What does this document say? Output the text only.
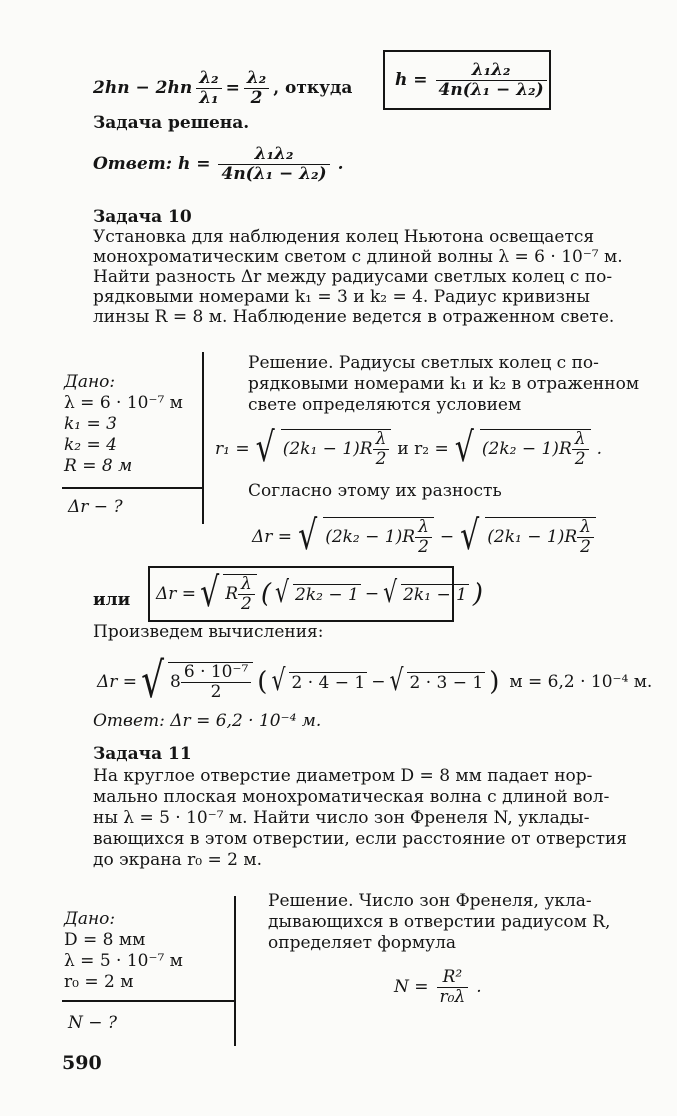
$2hn - 2hn \frac{\text{λ₂}}{\text{λ₁}} = \frac{\text{λ₂}}{2}$ , откуда	$h = \frac{\text{λ₁λ₂}}{\text{4n(λ₁ − λ₂)}}$
Задача решена.
Ответ: $h = \frac{\text{λ₁λ₂}}{\text{4n(λ₁ − λ₂)}}$ .
Задача 10
Установка для наблюдения колец Ньютона освещается
монохроматическим светом с длиной волны λ = 6 · 10⁻⁷ м.
Найти разность Δr между радиусами светлых колец с по-
рядковыми номерами k₁ = 3 и k₂ = 4. Радиус кривизны
линзы R = 8 м. Наблюдение ведется в отраженном свете.
Дано:
λ = 6 · 10⁻⁷ м
k₁ = 3
k₂ = 4
R = 8 м
Δr − ?
Решение. Радиусы светлых колец с по-
рядковыми номерами k₁ и k₂ в отраженном
свете определяются условием
r₁ = √ $(2k_1 - 1)R \frac{\lambda}{2}$ и r₂ = √ $(2k_2 - 1)R \frac{\lambda}{2}$ .
Согласно этому их разность
Δr = √ $(2k_2 - 1)R \frac{\lambda}{2}$ − √ $(2k_1 - 1)R \frac{\lambda}{2}$
или Δr = √ R $\frac{\lambda}{2}$ ( √ 2k₂ − 1 − √ 2k₁ − 1 )
Произведем вычисления:
Δr = √ $8 \frac{\text{6 · 10⁻⁷}}{2}$ ( √ 2 · 4 − 1 − √ 2 · 3 − 1 ) м = 6,2 · 10⁻⁴ м.
Ответ: Δr = 6,2 · 10⁻⁴ м.
Задача 11
На круглое отверстие диаметром D = 8 мм падает нор-
мально плоская монохроматическая волна с длиной вол-
ны λ = 5 · 10⁻⁷ м. Найти число зон Френеля N, уклады-
вающихся в этом отверстии, если расстояние от отверстия
до экрана r₀ = 2 м.
Дано:
D = 8 мм
λ = 5 · 10⁻⁷ м
r₀ = 2 м
N − ?
Решение. Число зон Френеля, укла-
дывающихся в отверстии радиусом R,
определяет формула
$N = \frac{\text{R²}}{\text{r₀λ}}$ .
590
